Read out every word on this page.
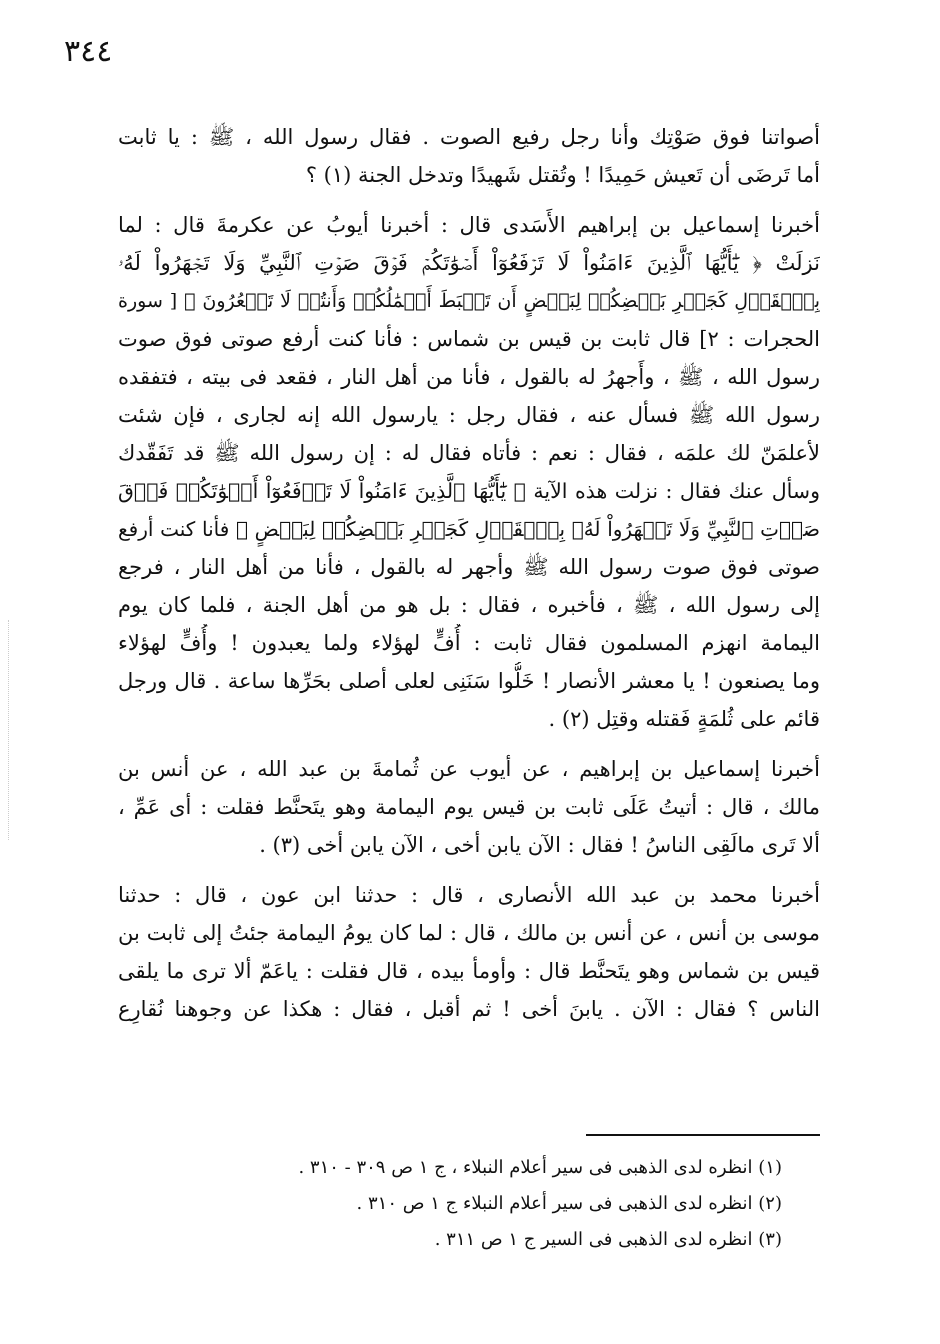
٣٤٤
أصواتنا فوق صَوْتِك وأنا رجل رفيع الصوت . فقال رسول الله ، ﷺ : يا ثابت
أما تَرضَى أن تَعيش حَمِيدًا ! وتُقتل شَهيدًا وتدخل الجنة (١) ؟
أخبرنا إسماعيل بن إبراهيم الأَسَدى قال : أخبرنا أيوبُ عن عكرمةَ قال : لما
نَزلَتْ ﴿ يَٰٓأَيُّهَا ٱلَّذِينَ ءَامَنُواْ لَا تَرۡفَعُوٓاْ أَصۡوَٰتَكُمۡ فَوۡقَ صَوۡتِ ٱلنَّبِيِّ وَلَا تَجۡهَرُواْ لَهُۥ
بِٱلۡقَوۡلِ كَجَهۡرِ بَعۡضِكُمۡ لِبَعۡضٍ أَن تَحۡبَطَ أَعۡمَٰلُكُمۡ وَأَنتُمۡ لَا تَشۡعُرُونَ ﴾ [ سورة
الحجرات : ٢] قال ثابت بن قيس بن شماس : فأنا كنت أرفع صوتى فوق صوت
رسول الله ، ﷺ ، وأَجهرُ له بالقول ، فأنا من أهل النار ، فقعد فى بيته ، فتفقده
رسول الله ﷺ فسأل عنه ، فقال رجل : يارسول الله إنه لجارى ، فإن شئت
لأعلمَنّ لك علمَه ، فقال : نعم : فأتاه فقال له : إن رسول الله ﷺ قد تَفَقّدك
وسأل عنك فقال : نزلت هذه الآية ﴿ يَٰٓأَيُّهَا ٱلَّذِينَ ءَامَنُواْ لَا تَرۡفَعُوٓاْ أَصۡوَٰتَكُمۡ فَوۡقَ
صَوۡتِ ٱلنَّبِيِّ وَلَا تَجۡهَرُواْ لَهُۥ بِٱلۡقَوۡلِ كَجَهۡرِ بَعۡضِكُمۡ لِبَعۡضٍ ﴾ فأنا كنت أرفع
صوتى فوق صوت رسول الله ﷺ وأجهر له بالقول ، فأنا من أهل النار ، فرجع
إلى رسول الله ، ﷺ ، فأخبره ، فقال : بل هو من أهل الجنة ، فلما كان يوم
اليمامة انهزم المسلمون فقال ثابت : أُفٍّ لهؤلاء ولما يعبدون ! وأُفٍّ لهؤلاء
وما يصنعون ! يا معشر الأنصار ! خَلُّوا سَنَنِى لعلى أصلى بحَرِّها ساعة . قال ورجل
قائم على ثُلمَةٍ فَقتله وقتِل (٢) .
أخبرنا إسماعيل بن إبراهيم ، عن أيوب عن ثُمامةَ بن عبد الله ، عن أنس بن
مالك ، قال : أتيتُ عَلَى ثابت بن قيس يوم اليمامة وهو يتَحنَّط فقلت : أى عَمِّ ،
ألا تَرى مالَقِى الناسُ ! فقال : الآن يابن أخى ، الآن يابن أخى (٣) .
أخبرنا محمد بن عبد الله الأنصارى ، قال : حدثنا ابن عون ، قال : حدثنا
موسى بن أنس ، عن أنس بن مالك ، قال : لما كان يومُ اليمامة جئتُ إلى ثابت بن
قيس بن شماس وهو يتَحنَّط قال : وأومأ بيده ، قال فقلت : ياعَمّ ألا ترى ما يلقى
الناس ؟ فقال : الآن . يابنَ أخى ! ثم أقبل ، فقال : هكذا عن وجوهنا نُقارِع
(١) انظره لدى الذهبى فى سير أعلام النبلاء ، ج ١ ص ٣٠٩ - ٣١٠ .
(٢) انظره لدى الذهبى فى سير أعلام النبلاء ج ١ ص ٣١٠ .
(٣) انظره لدى الذهبى فى السير ج ١ ص ٣١١ .
